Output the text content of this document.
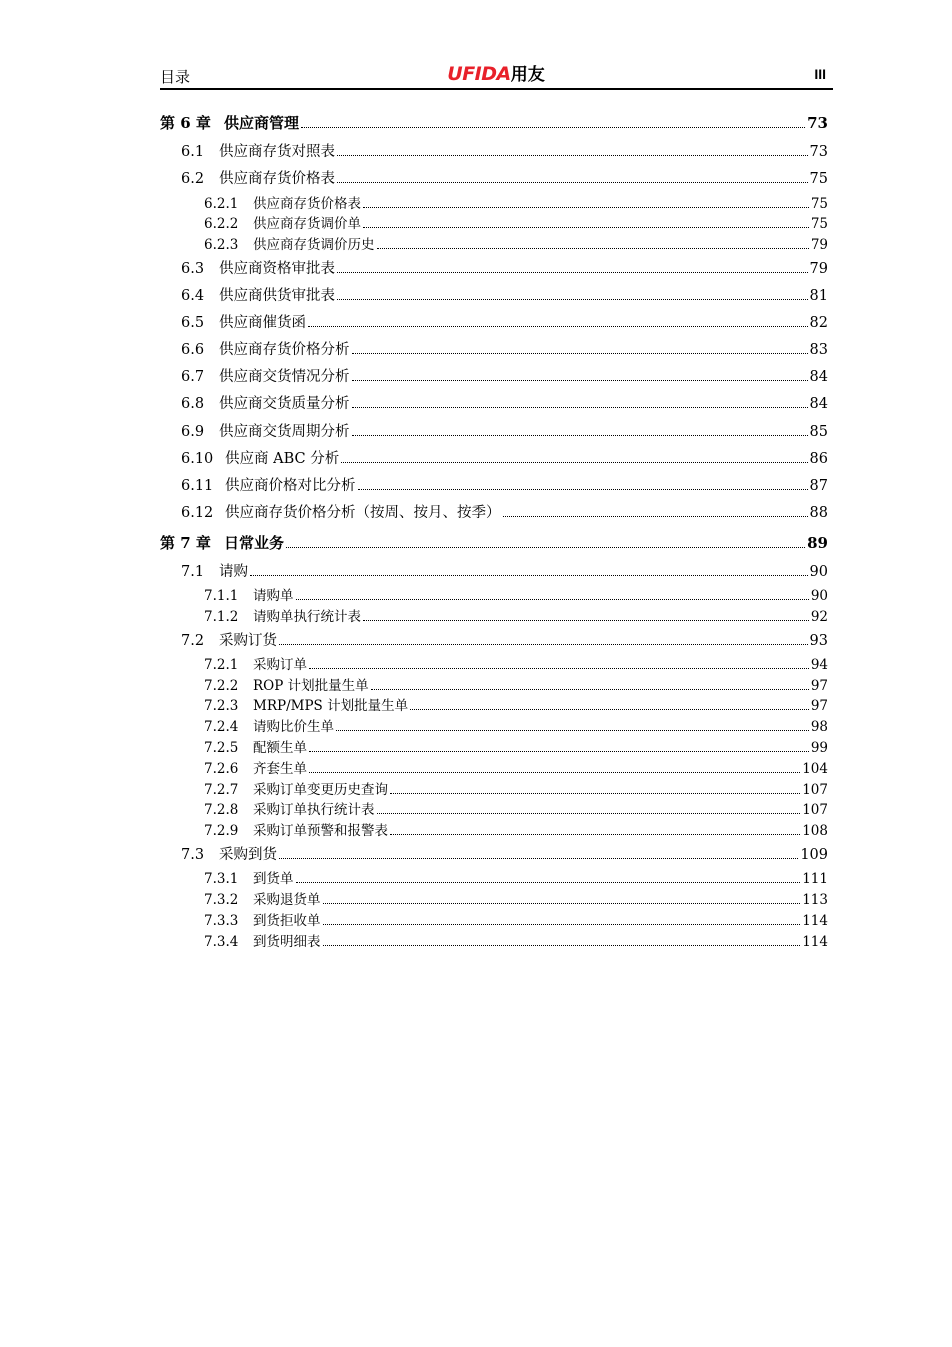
目录	UFIDA用友	III
第 6 章 供应商管理	73
6.1	供应商存货对照表	73
6.2	供应商存货价格表	75
6.2.1	供应商存货价格表	75
6.2.2	供应商存货调价单	75
6.2.3	供应商存货调价历史	79
6.3	供应商资格审批表	79
6.4	供应商供货审批表	81
6.5	供应商催货函	82
6.6	供应商存货价格分析	83
6.7	供应商交货情况分析	84
6.8	供应商交货质量分析	84
6.9	供应商交货周期分析	85
6.10 供应商 ABC 分析	86
6.11 供应商价格对比分析	87
6.12 供应商存货价格分析（按周、按月、按季）	88
第 7 章 日常业务	89
7.1	请购	90
7.1.1	请购单	90
7.1.2	请购单执行统计表	92
7.2	采购订货	93
7.2.1	采购订单	94
7.2.2	ROP 计划批量生单	97
7.2.3	MRP/MPS 计划批量生单	97
7.2.4	请购比价生单	98
7.2.5	配额生单	99
7.2.6	齐套生单	104
7.2.7	采购订单变更历史查询	107
7.2.8	采购订单执行统计表	107
7.2.9	采购订单预警和报警表	108
7.3	采购到货	109
7.3.1	到货单	111
7.3.2	采购退货单	113
7.3.3	到货拒收单	114
7.3.4	到货明细表	114
